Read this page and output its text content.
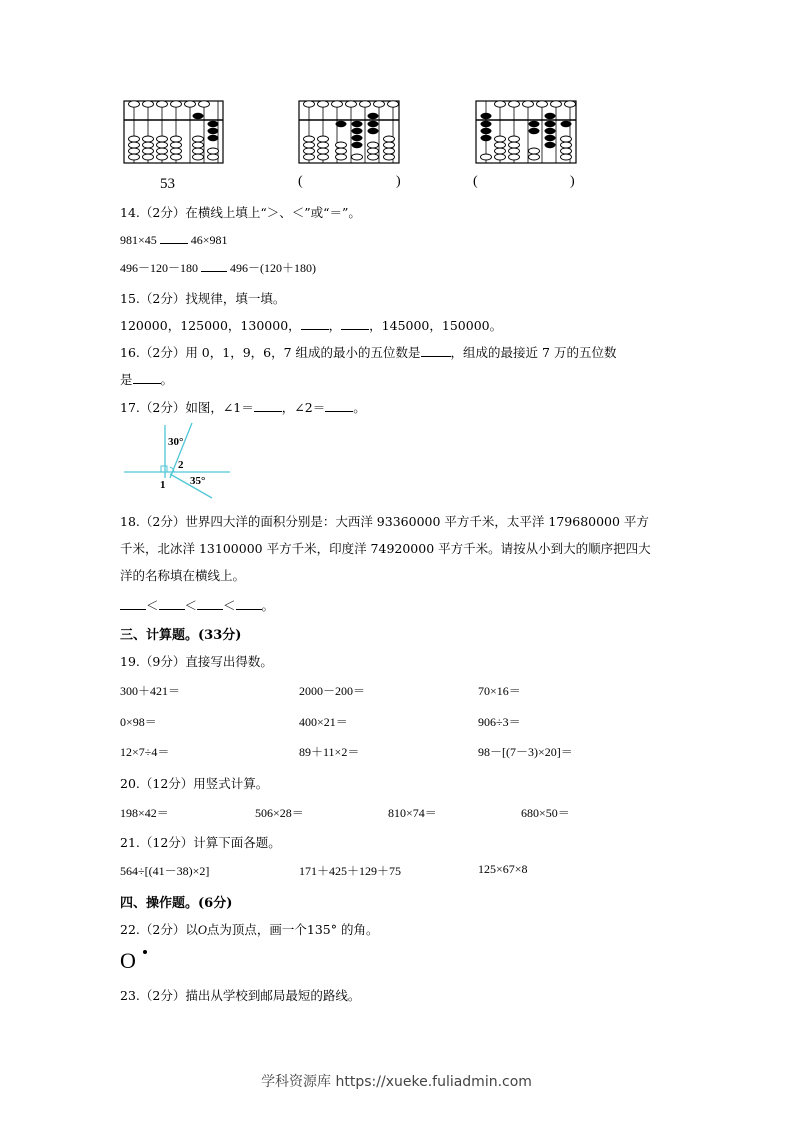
53	(	)	(	)
14.（2分）在横线上填上“＞、＜”或“＝”。
981×45	46×981
496－120－180	496－(120＋180)
15.（2分）找规律，填一填。
120000，125000，130000， ， ，145000，150000。
16.（2分）用 0，1，9，6，7 组成的最小的五位数是 ，组成的最接近 7 万的五位数
是 。
17.（2分）如图，∠1＝ ，∠2＝ 。
30°
2
1 35°
18.（2分）世界四大洋的面积分别是：大西洋 93360000 平方千米，太平洋 179680000 平方
千米，北冰洋 13100000 平方千米，印度洋 74920000 平方千米。请按从小到大的顺序把四大
洋的名称填在横线上。
＜ ＜ ＜ 。
三、计算题。(33分)
19.（9分）直接写出得数。
300＋421＝	2000－200＝	70×16＝
0×98＝	400×21＝	906÷3＝
12×7÷4＝	89＋11×2＝	98－[(7－3)×20]＝
20.（12分）用竖式计算。
198×42＝	506×28＝	810×74＝	680×50＝
21.（12分）计算下面各题。
564÷[(41－38)×2]	171＋425＋129＋75	125×67×8
四、操作题。(6分)
22.（2分）以O点为顶点，画一个135° 的角。
O
23.（2分）描出从学校到邮局最短的路线。
学科资源库 https://xueke.fuliadmin.com
